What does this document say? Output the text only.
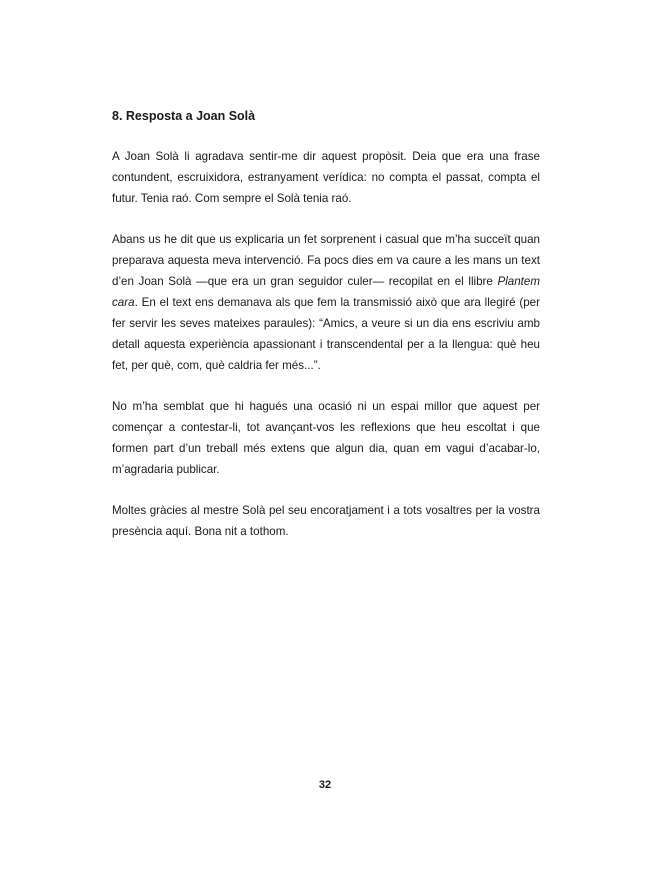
8. Resposta a Joan Solà

A Joan Solà li agradava sentir-me dir aquest propòsit. Deia que era una frase contundent, escruixidora, estranyament verídica: no compta el passat, compta el futur. Tenia raó. Com sempre el Solà tenia raó.

Abans us he dit que us explicaria un fet sorprenent i casual que m’ha succeït quan preparava aquesta meva intervenció. Fa pocs dies em va caure a les mans un text d’en Joan Solà —que era un gran seguidor culer— recopilat en el llibre Plantem cara. En el text ens demanava als que fem la transmissió això que ara llegiré (per fer servir les seves mateixes paraules): “Amics, a veure si un dia ens escriviu amb detall aquesta experiència apassionant i transcendental per a la llengua: què heu fet, per què, com, què caldria fer més...”.

No m’ha semblat que hi hagués una ocasió ni un espai millor que aquest per començar a contestar-li, tot avançant-vos les reflexions que heu escoltat i que formen part d’un treball més extens que algun dia, quan em vagui d’acabar-lo, m’agradaria publicar.

Moltes gràcies al mestre Solà pel seu encoratjament i a tots vosaltres per la vostra presència aquí. Bona nit a tothom.

32
